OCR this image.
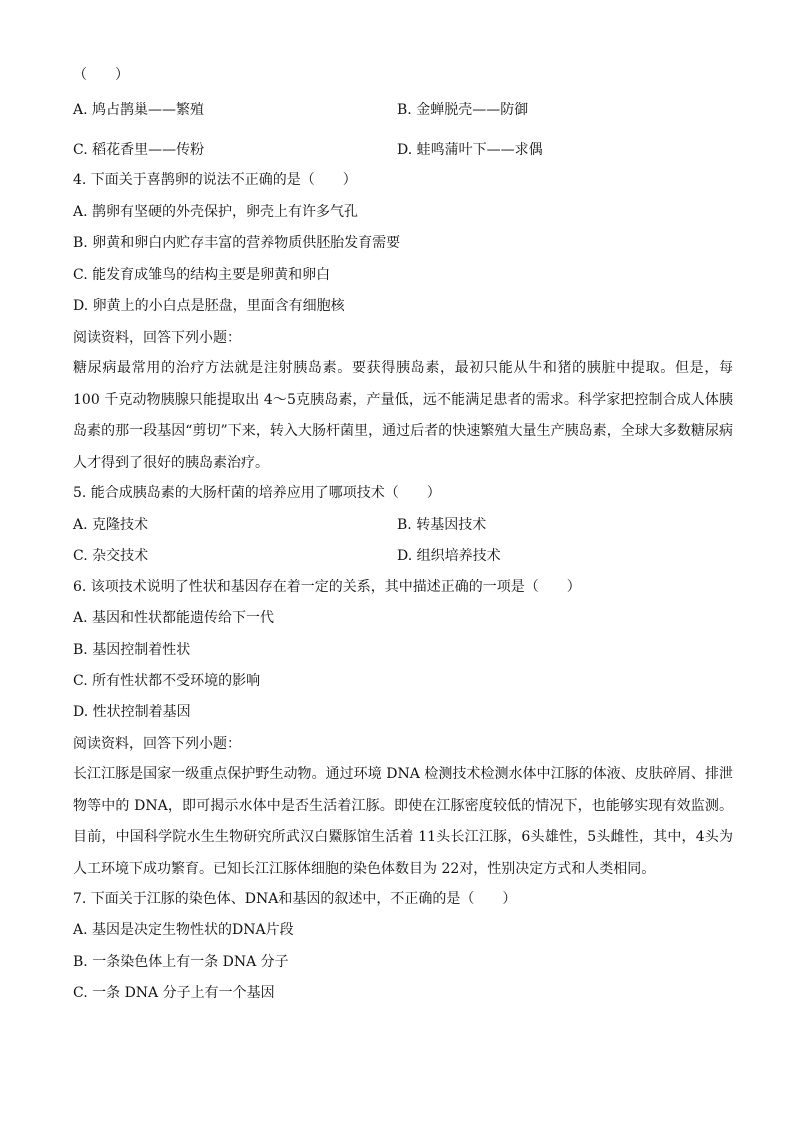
（　　）
A. 鸠占鹊巢——繁殖	B. 金蝉脱壳——防御
C. 稻花香里——传粉	D. 蛙鸣蒲叶下——求偶
4. 下面关于喜鹊卵的说法不正确的是（　　）
A. 鹊卵有坚硬的外壳保护，卵壳上有许多气孔
B. 卵黄和卵白内贮存丰富的营养物质供胚胎发育需要
C. 能发育成雏鸟的结构主要是卵黄和卵白
D. 卵黄上的小白点是胚盘，里面含有细胞核
阅读资料，回答下列小题：
糖尿病最常用的治疗方法就是注射胰岛素。要获得胰岛素，最初只能从牛和猪的胰脏中提取。但是，每 100 千克动物胰腺只能提取出 4～5克胰岛素，产量低，远不能满足患者的需求。科学家把控制合成人体胰岛素的那一段基因“剪切”下来，转入大肠杆菌里，通过后者的快速繁殖大量生产胰岛素，全球大多数糖尿病人才得到了很好的胰岛素治疗。
5. 能合成胰岛素的大肠杆菌的培养应用了哪项技术（　　）
A. 克隆技术	B. 转基因技术
C. 杂交技术	D. 组织培养技术
6. 该项技术说明了性状和基因存在着一定的关系，其中描述正确的一项是（　　）
A. 基因和性状都能遗传给下一代
B. 基因控制着性状
C. 所有性状都不受环境的影响
D. 性状控制着基因
阅读资料，回答下列小题：
长江江豚是国家一级重点保护野生动物。通过环境 DNA 检测技术检测水体中江豚的体液、皮肤碎屑、排泄物等中的 DNA，即可揭示水体中是否生活着江豚。即使在江豚密度较低的情况下，也能够实现有效监测。目前，中国科学院水生生物研究所武汉白鱀豚馆生活着 11头长江江豚，6头雄性，5头雌性，其中，4头为人工环境下成功繁育。已知长江江豚体细胞的染色体数目为 22对，性别决定方式和人类相同。
7. 下面关于江豚的染色体、DNA和基因的叙述中，不正确的是（　　）
A. 基因是决定生物性状的DNA片段
B. 一条染色体上有一条 DNA 分子
C. 一条 DNA 分子上有一个基因
